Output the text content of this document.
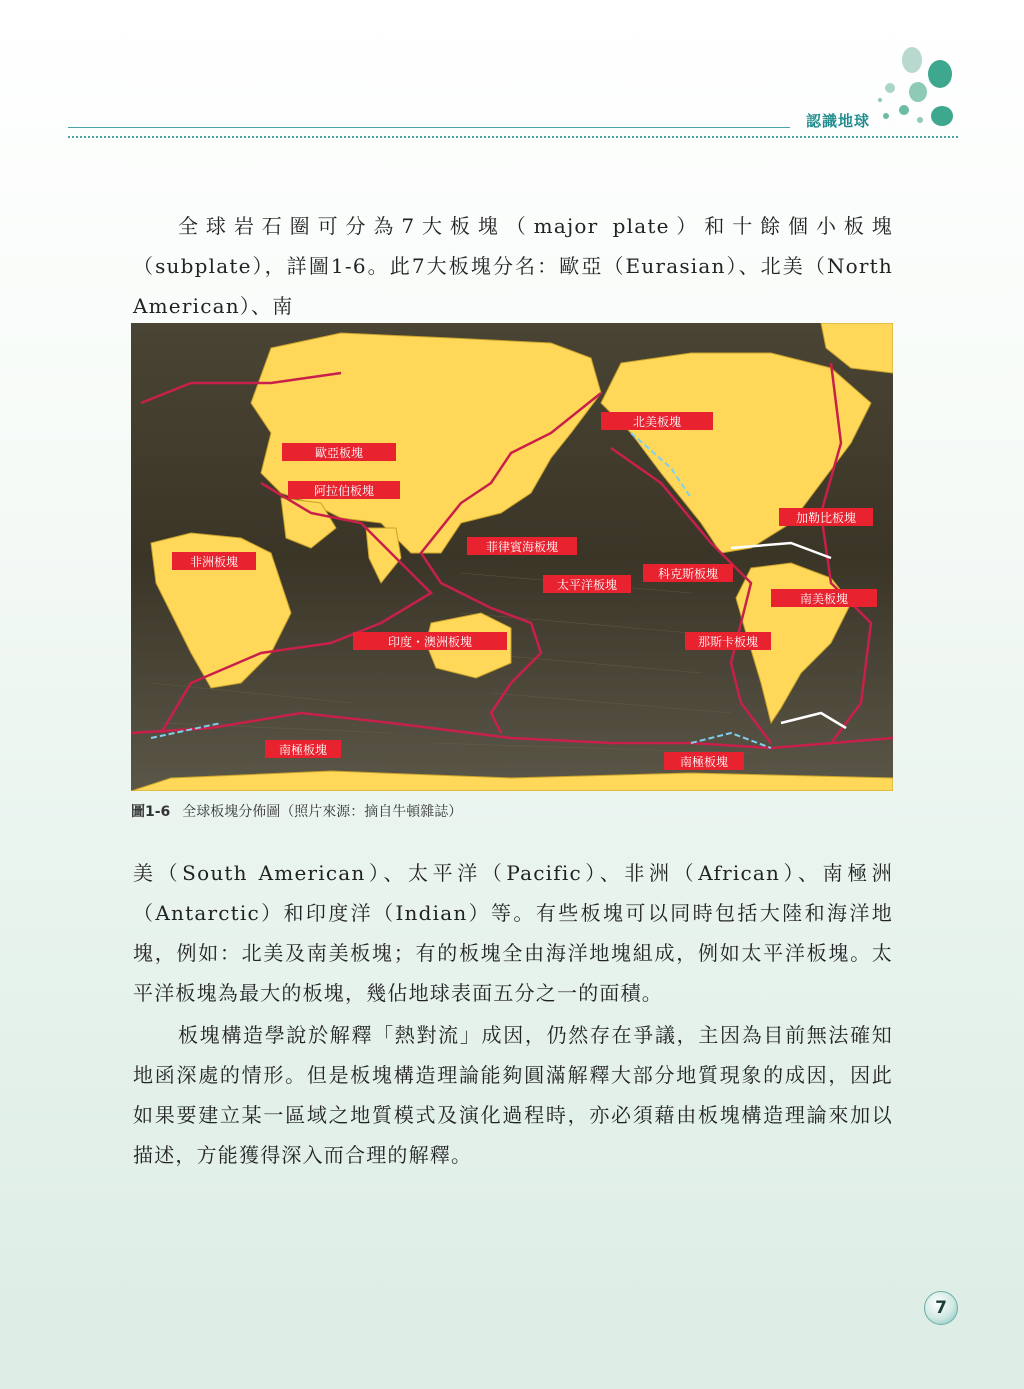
認識地球

全球岩石圈可分為7大板塊（major plate）和十餘個小板塊（subplate），詳圖1-6。此7大板塊分名：歐亞（Eurasian）、北美（North American）、南

歐亞板塊
阿拉伯板塊
非洲板塊
北美板塊
加勒比板塊
菲律賓海板塊
太平洋板塊
科克斯板塊
南美板塊
那斯卡板塊
印度・澳洲板塊
南極板塊
南極板塊
圖1-6 全球板塊分佈圖（照片來源：摘自牛頓雜誌）

美（South American）、太平洋（Pacific）、非洲（African）、南極洲（Antarctic）和印度洋（Indian）等。有些板塊可以同時包括大陸和海洋地塊，例如：北美及南美板塊；有的板塊全由海洋地塊組成，例如太平洋板塊。太平洋板塊為最大的板塊，幾佔地球表面五分之一的面積。

板塊構造學說於解釋「熱對流」成因，仍然存在爭議，主因為目前無法確知地函深處的情形。但是板塊構造理論能夠圓滿解釋大部分地質現象的成因，因此如果要建立某一區域之地質模式及演化過程時，亦必須藉由板塊構造理論來加以描述，方能獲得深入而合理的解釋。

7
